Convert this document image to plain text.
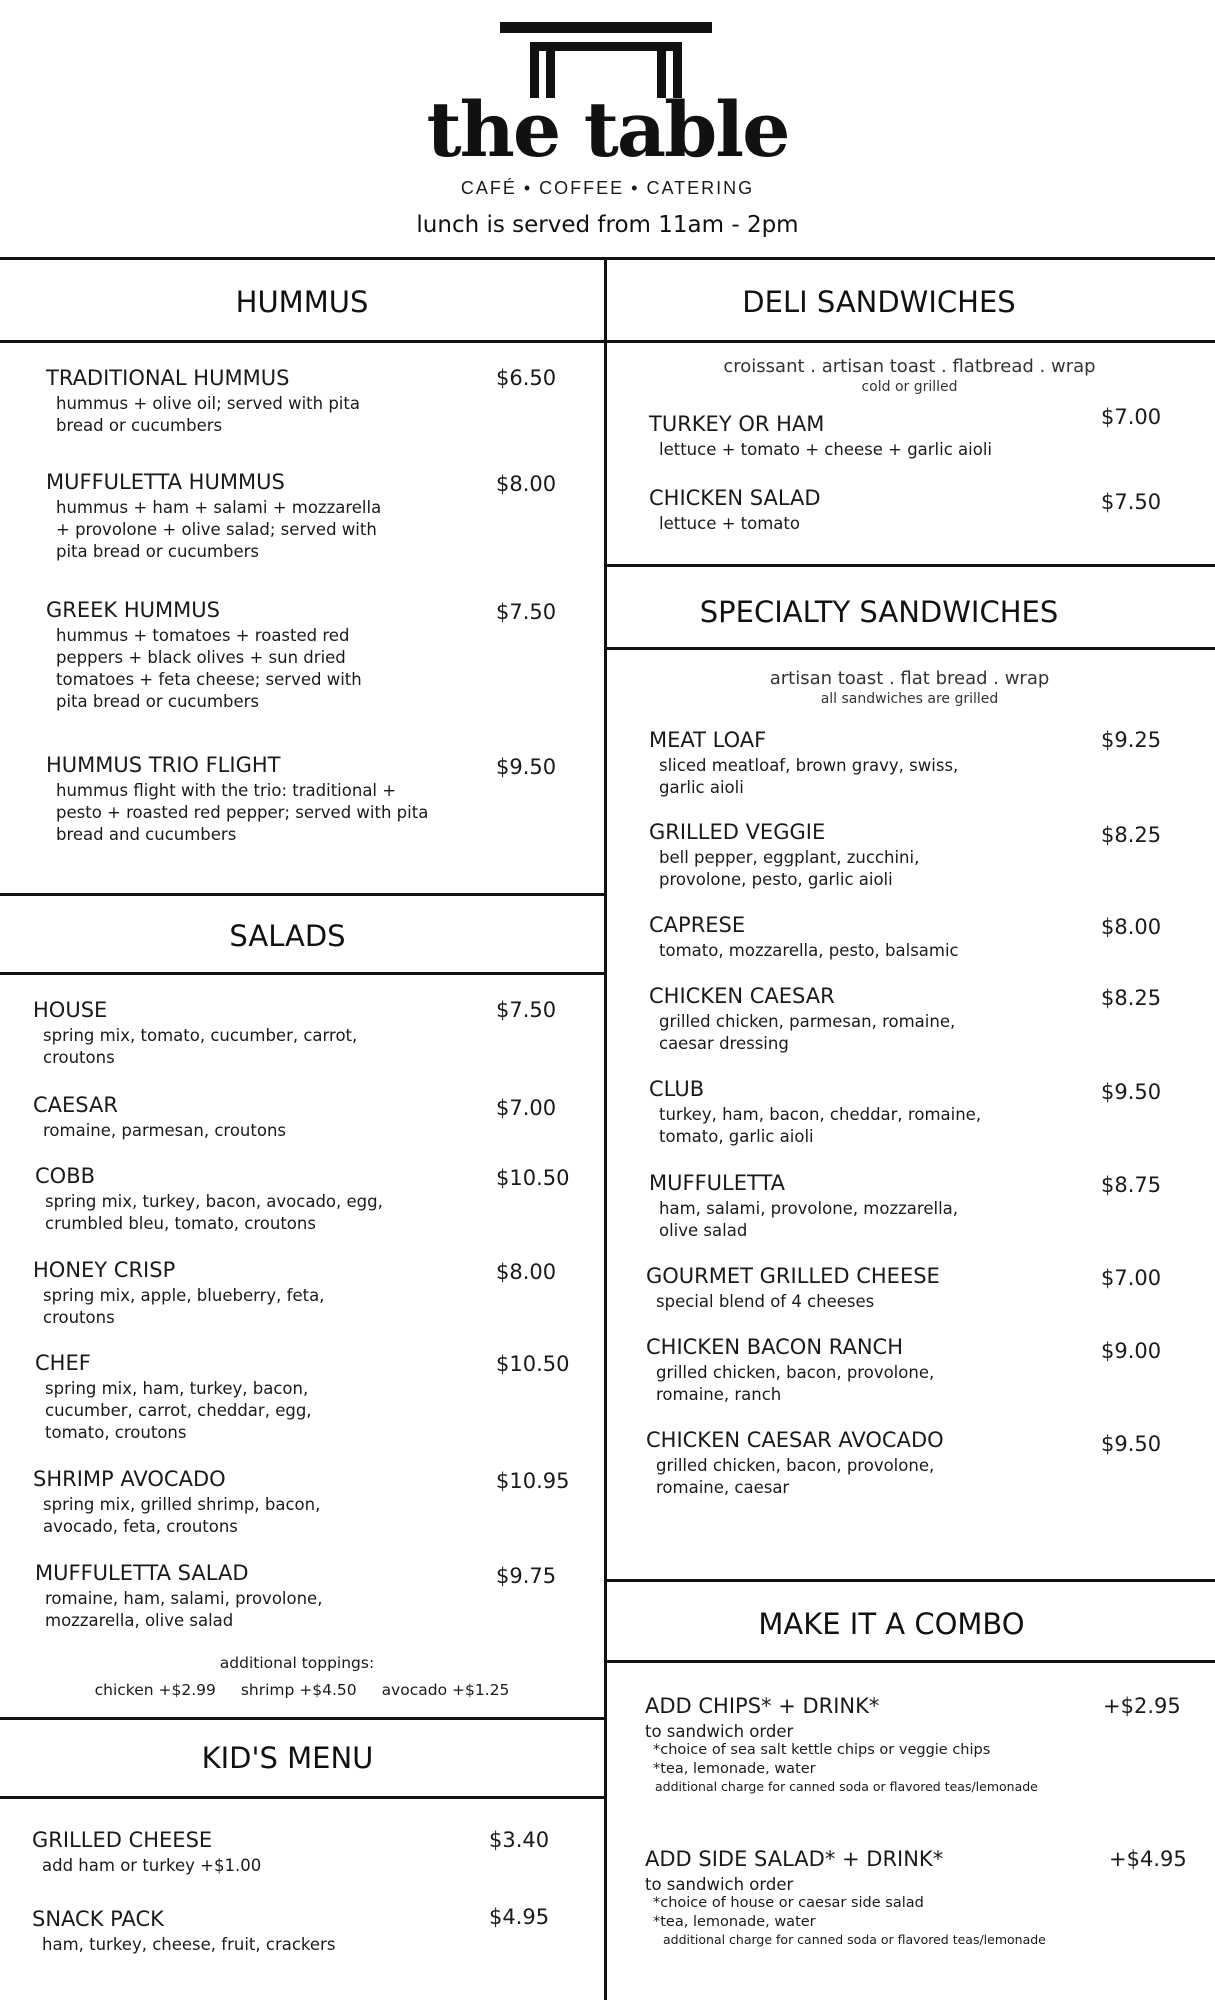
the table
CAFÉ • COFFEE • CATERING
lunch is served from 11am - 2pm
HUMMUS
TRADITIONAL HUMMUS
hummus + olive oil; served with pita bread or cucumbers
$6.50
MUFFULETTA HUMMUS
hummus + ham + salami + mozzarella + provolone + olive salad; served with pita bread or cucumbers
$8.00
GREEK HUMMUS
hummus + tomatoes + roasted red peppers + black olives + sun dried tomatoes + feta cheese; served with pita bread or cucumbers
$7.50
HUMMUS TRIO FLIGHT
hummus flight with the trio: traditional + pesto + roasted red pepper; served with pita bread and cucumbers
$9.50
SALADS
HOUSE
spring mix, tomato, cucumber, carrot, croutons
$7.50
CAESAR
romaine, parmesan, croutons
$7.00
COBB
spring mix, turkey, bacon, avocado, egg, crumbled bleu, tomato, croutons
$10.50
HONEY CRISP
spring mix, apple, blueberry, feta, croutons
$8.00
CHEF
spring mix, ham, turkey, bacon, cucumber, carrot, cheddar, egg, tomato, croutons
$10.50
SHRIMP AVOCADO
spring mix, grilled shrimp, bacon, avocado, feta, croutons
$10.95
MUFFULETTA SALAD
romaine, ham, salami, provolone, mozzarella, olive salad
$9.75
additional toppings:
chicken +$2.99 shrimp +$4.50 avocado +$1.25
KID'S MENU
GRILLED CHEESE
add ham or turkey +$1.00
$3.40
SNACK PACK
ham, turkey, cheese, fruit, crackers
$4.95
DELI SANDWICHES
croissant . artisan toast . flatbread . wrap
cold or grilled
TURKEY OR HAM
lettuce + tomato + cheese + garlic aioli
$7.00
CHICKEN SALAD
lettuce + tomato
$7.50
SPECIALTY SANDWICHES
artisan toast . flat bread . wrap
all sandwiches are grilled
MEAT LOAF
sliced meatloaf, brown gravy, swiss, garlic aioli
$9.25
GRILLED VEGGIE
bell pepper, eggplant, zucchini, provolone, pesto, garlic aioli
$8.25
CAPRESE
tomato, mozzarella, pesto, balsamic
$8.00
CHICKEN CAESAR
grilled chicken, parmesan, romaine, caesar dressing
$8.25
CLUB
turkey, ham, bacon, cheddar, romaine, tomato, garlic aioli
$9.50
MUFFULETTA
ham, salami, provolone, mozzarella, olive salad
$8.75
GOURMET GRILLED CHEESE
special blend of 4 cheeses
$7.00
CHICKEN BACON RANCH
grilled chicken, bacon, provolone, romaine, ranch
$9.00
CHICKEN CAESAR AVOCADO
grilled chicken, bacon, provolone, romaine, caesar
$9.50
MAKE IT A COMBO
ADD CHIPS* + DRINK*
to sandwich order
*choice of sea salt kettle chips or veggie chips
*tea, lemonade, water
additional charge for canned soda or flavored teas/lemonade
+$2.95
ADD SIDE SALAD* + DRINK*
to sandwich order
*choice of house or caesar side salad
*tea, lemonade, water
additional charge for canned soda or flavored teas/lemonade
+$4.95
